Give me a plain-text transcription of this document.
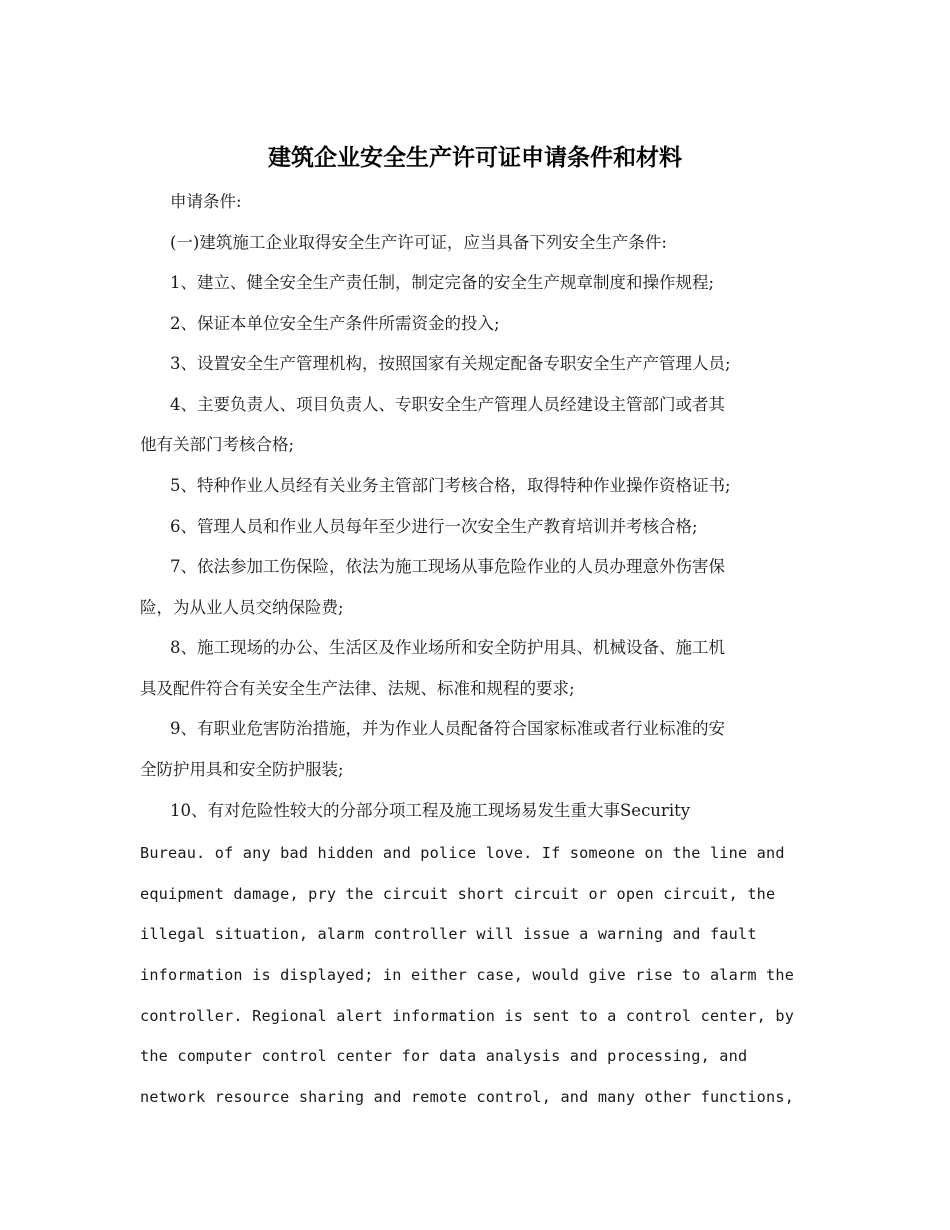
建筑企业安全生产许可证申请条件和材料
申请条件:
(一)建筑施工企业取得安全生产许可证，应当具备下列安全生产条件:
1、建立、健全安全生产责任制，制定完备的安全生产规章制度和操作规程;
2、保证本单位安全生产条件所需资金的投入;
3、设置安全生产管理机构，按照国家有关规定配备专职安全生产产管理人员;
4、主要负责人、项目负责人、专职安全生产管理人员经建设主管部门或者其
他有关部门考核合格;
5、特种作业人员经有关业务主管部门考核合格，取得特种作业操作资格证书;
6、管理人员和作业人员每年至少进行一次安全生产教育培训并考核合格;
7、依法参加工伤保险，依法为施工现场从事危险作业的人员办理意外伤害保
险，为从业人员交纳保险费;
8、施工现场的办公、生活区及作业场所和安全防护用具、机械设备、施工机
具及配件符合有关安全生产法律、法规、标准和规程的要求;
9、有职业危害防治措施，并为作业人员配备符合国家标准或者行业标准的安
全防护用具和安全防护服装;
10、有对危险性较大的分部分项工程及施工现场易发生重大事Security
Bureau. of any bad hidden and police love. If someone on the line and
equipment damage, pry the circuit short circuit or open circuit, the
illegal situation, alarm controller will issue a warning and fault
information is displayed; in either case, would give rise to alarm the
controller. Regional alert information is sent to a control center, by
the computer control center for data analysis and processing, and
network resource sharing and remote control, and many other functions,
